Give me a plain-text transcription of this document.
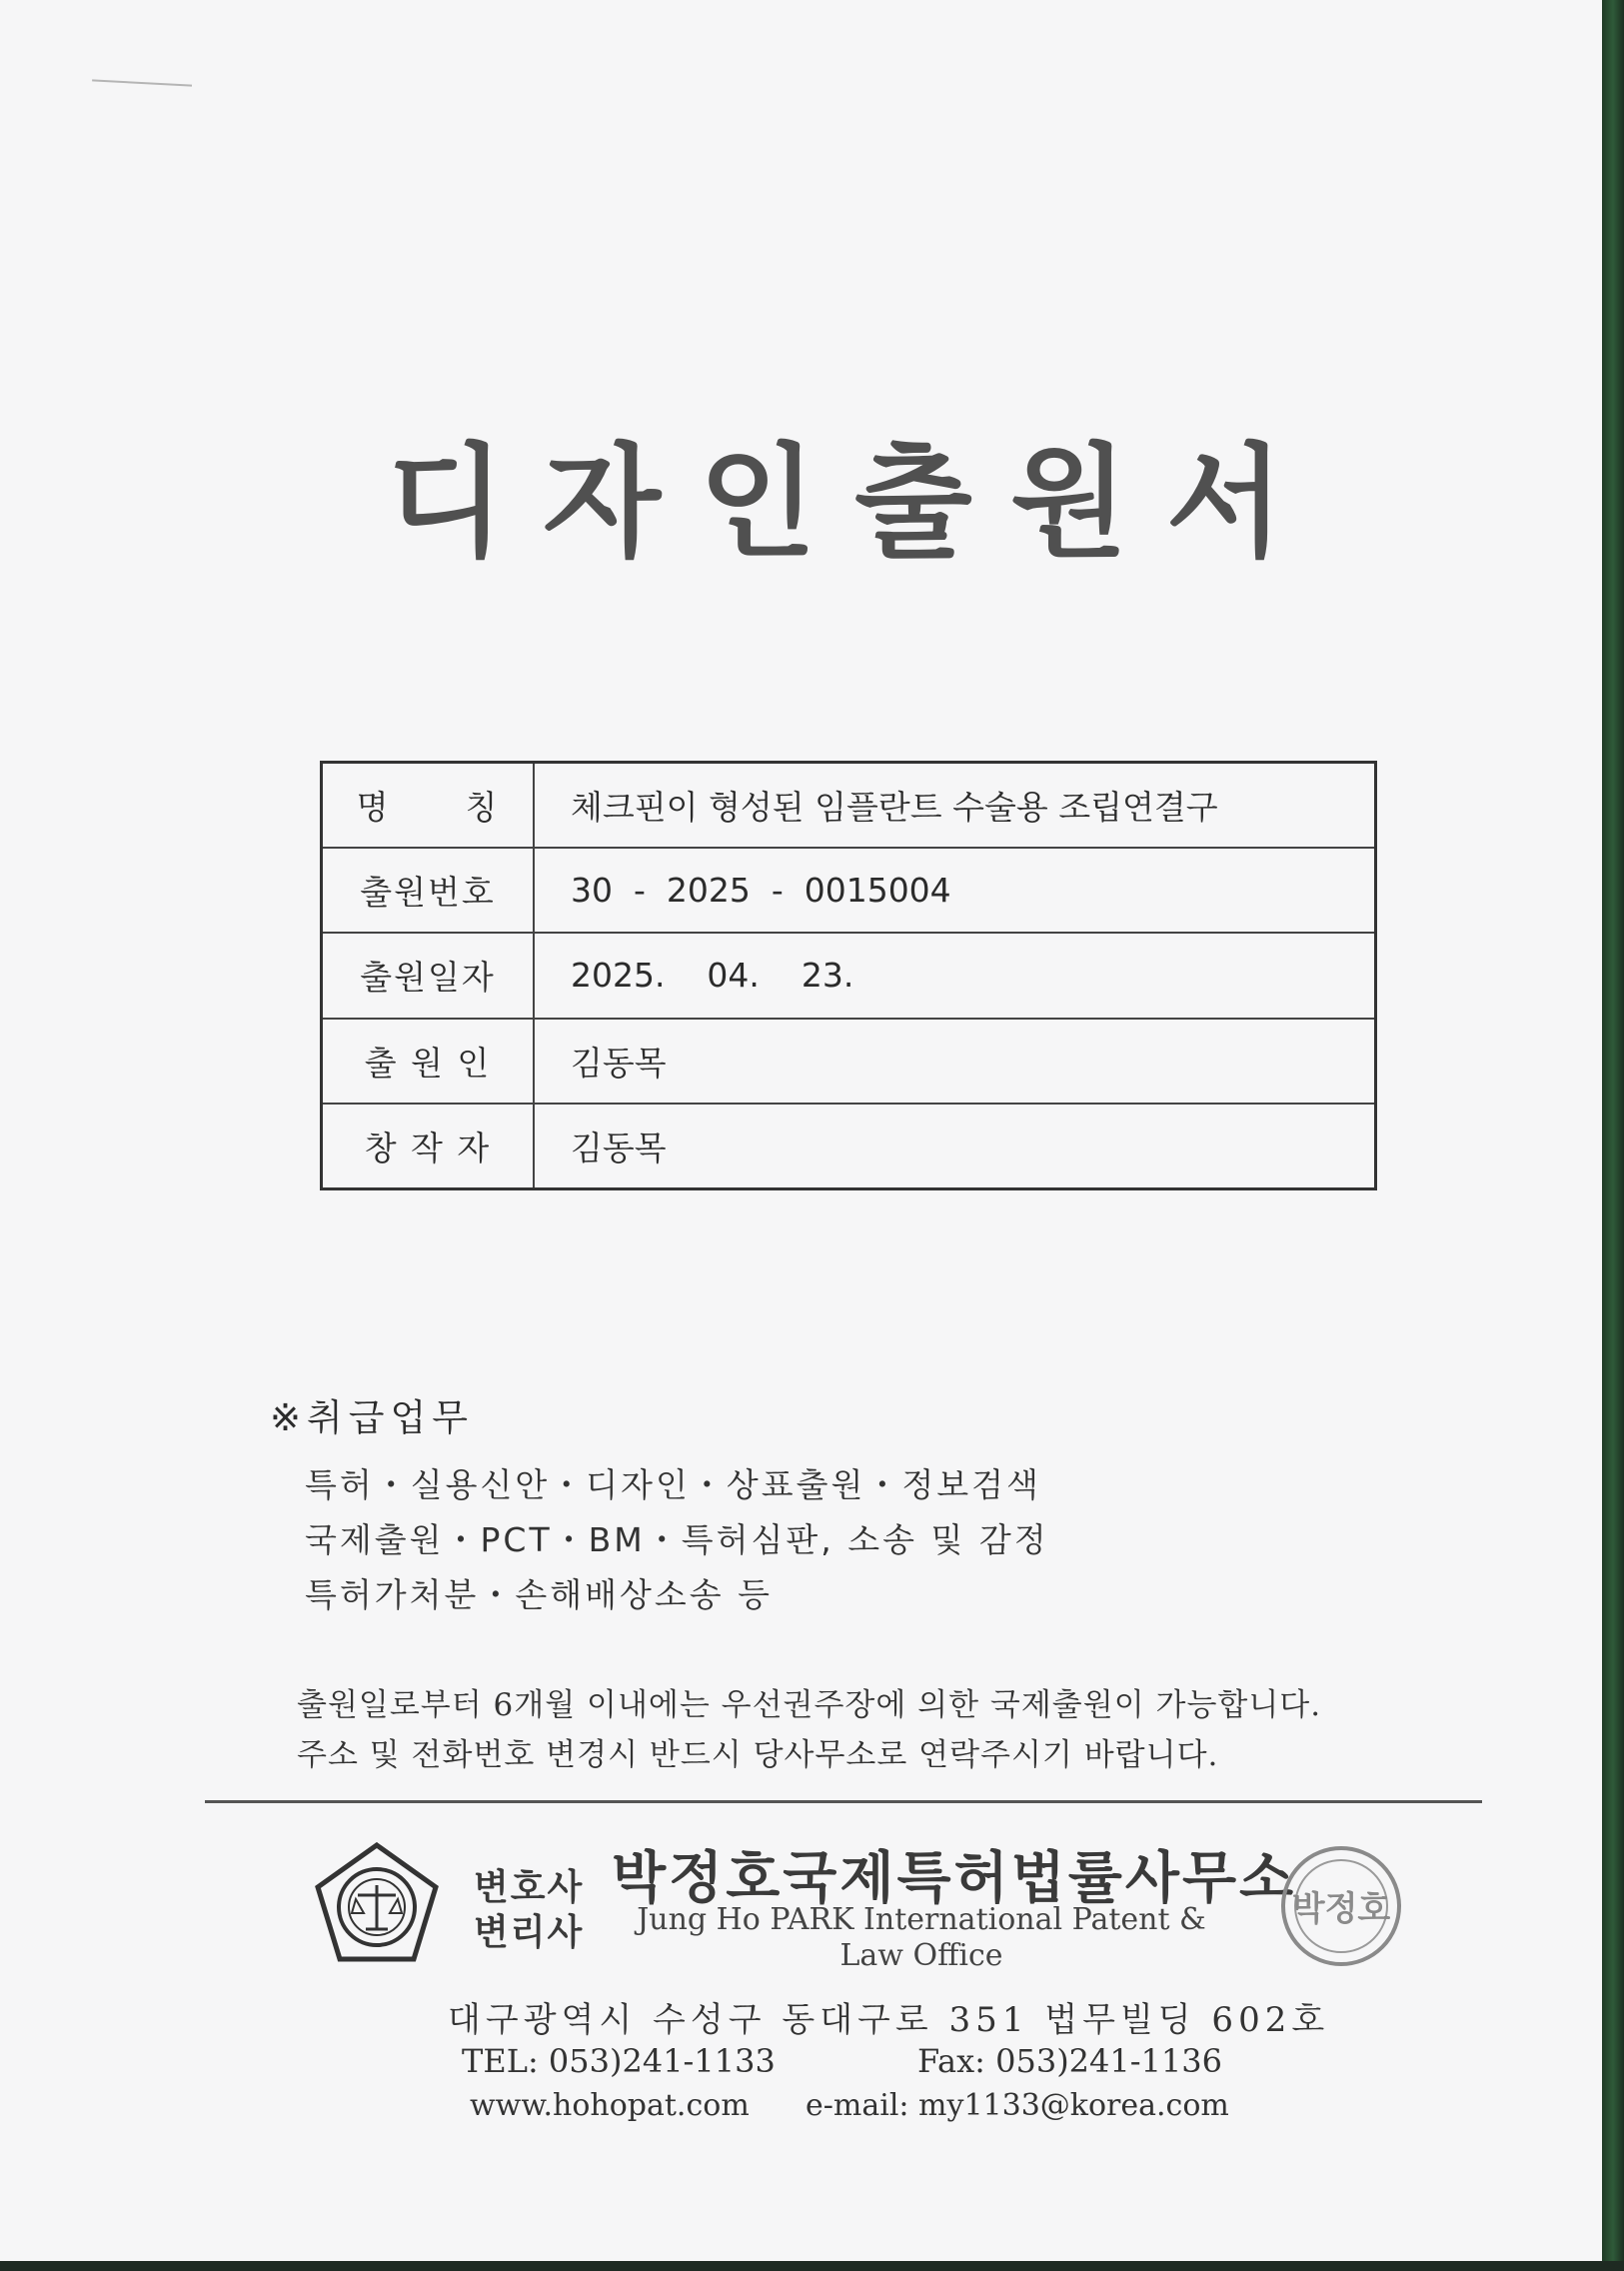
디자인출원서
명      칭	체크핀이 형성된 임플란트 수술용 조립연결구
출원번호	30  -  2025  -  0015004
출원일자	2025.    04.    23.
출 원 인	김동목
창 작 자	김동목
※취급업무
특허・실용신안・디자인・상표출원・정보검색
국제출원・PCT・BM・특허심판, 소송 및 감정
특허가처분・손해배상소송 등
출원일로부터 6개월 이내에는 우선권주장에 의한 국제출원이 가능합니다.
주소 및 전화번호 변경시 반드시 당사무소로 연락주시기 바랍니다.
변호사
변리사
박정호국제특허법률사무소
Jung Ho PARK International Patent & Law Office
박정호
대구광역시 수성구 동대구로 351 법무빌딩 602호
TEL: 053)241-1133	Fax: 053)241-1136
www.hohopat.com e-mail: my1133@korea.com
